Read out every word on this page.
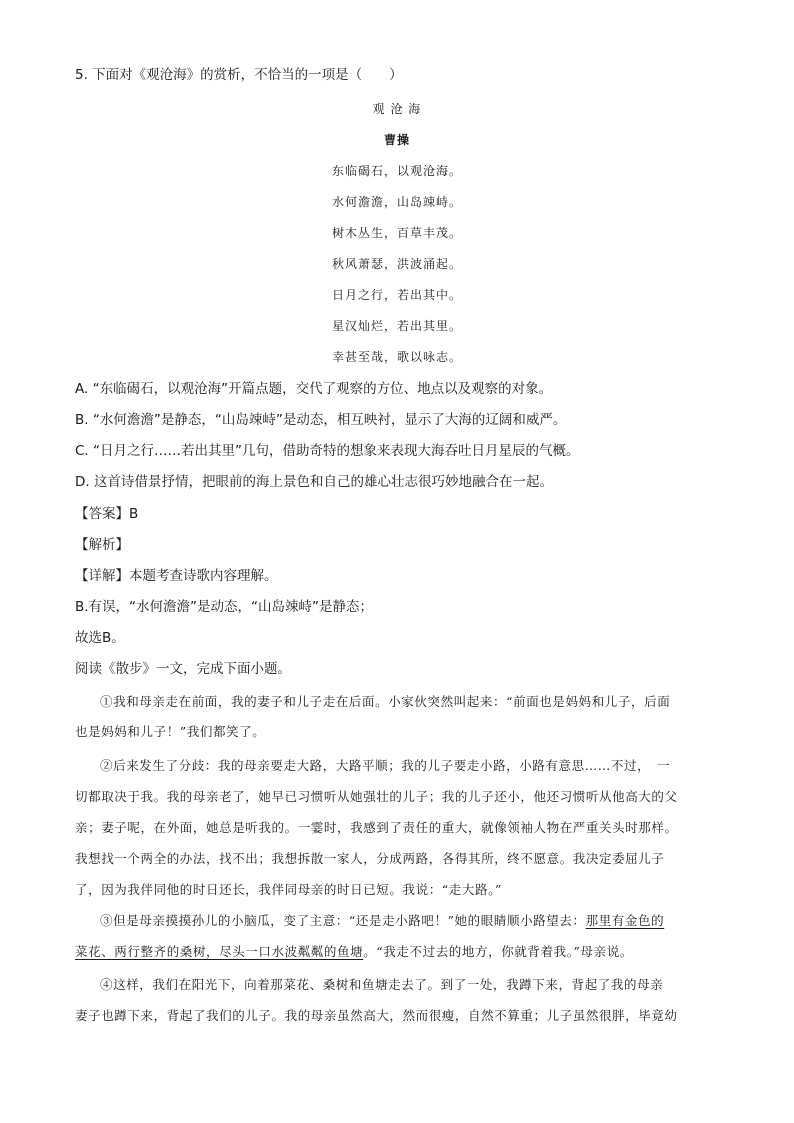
5. 下面对《观沧海》的赏析，不恰当的一项是（　　）
观 沧 海
曹操
东临碣石，以观沧海。
水何澹澹，山岛竦峙。
树木丛生，百草丰茂。
秋风萧瑟，洪波涌起。
日月之行，若出其中。
星汉灿烂，若出其里。
幸甚至哉，歌以咏志。
A. “东临碣石，以观沧海”开篇点题，交代了观察的方位、地点以及观察的对象。
B. “水何澹澹”是静态，“山岛竦峙”是动态，相互映衬，显示了大海的辽阔和威严。
C. “日月之行……若出其里”几句，借助奇特的想象来表现大海吞吐日月星辰的气概。
D. 这首诗借景抒情，把眼前的海上景色和自己的雄心壮志很巧妙地融合在一起。
【答案】B
【解析】
【详解】本题考查诗歌内容理解。
B.有误，“水何澹澹”是动态，“山岛竦峙”是静态；
故选B。
阅读《散步》一文，完成下面小题。
①我和母亲走在前面，我的妻子和儿子走在后面。小家伙突然叫起来：“前面也是妈妈和儿子，后面
也是妈妈和儿子！”我们都笑了。
②后来发生了分歧：我的母亲要走大路，大路平顺；我的儿子要走小路，小路有意思……不过，　一
切都取决于我。我的母亲老了，她早已习惯听从她强壮的儿子；我的儿子还小，他还习惯听从他高大的父
亲；妻子呢，在外面，她总是听我的。一霎时，我感到了责任的重大，就像领袖人物在严重关头时那样。
我想找一个两全的办法，找不出；我想拆散一家人，分成两路，各得其所，终不愿意。我决定委屈儿子
了，因为我伴同他的时日还长，我伴同母亲的时日已短。我说：“走大路。”
③但是母亲摸摸孙儿的小脑瓜，变了主意：“还是走小路吧！”她的眼睛顺小路望去：那里有金色的
菜花、两行整齐的桑树，尽头一口水波粼粼的鱼塘。“我走不过去的地方，你就背着我。”母亲说。
④这样，我们在阳光下，向着那菜花、桑树和鱼塘走去了。到了一处，我蹲下来，背起了我的母亲
妻子也蹲下来，背起了我们的儿子。我的母亲虽然高大，然而很瘦，自然不算重；儿子虽然很胖，毕竟幼
